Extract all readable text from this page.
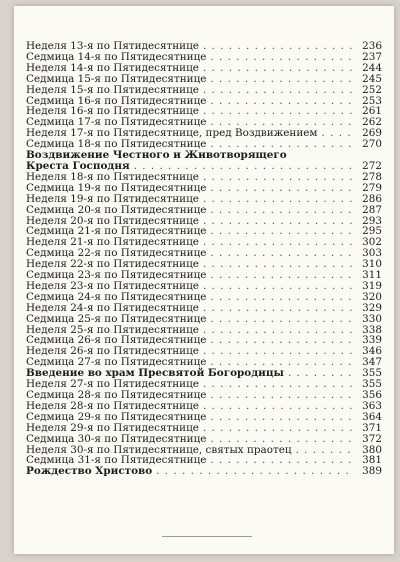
Неделя 13-я по Пятидесятнице . . .	236
Седмица 14-я по Пятидесятнице . . .	237
Неделя 14-я по Пятидесятнице . . .	244
Седмица 15-я по Пятидесятнице . . .	245
Неделя 15-я по Пятидесятнице . . .	252
Седмица 16-я по Пятидесятнице . . .	253
Неделя 16-я по Пятидесятнице . . .	261
Седмица 17-я по Пятидесятнице . . .	262
Неделя 17-я по Пятидесятнице, пред Воздвижением . . .	269
Седмица 18-я по Пятидесятнице . . .	270
Воздвижение Честного и Животворящего
Креста Господня . . .	272
Неделя 18-я по Пятидесятнице . . .	278
Седмица 19-я по Пятидесятнице . . .	279
Неделя 19-я по Пятидесятнице . . .	286
Седмица 20-я по Пятидесятнице . . .	287
Неделя 20-я по Пятидесятнице . . .	293
Седмица 21-я по Пятидесятнице . . .	295
Неделя 21-я по Пятидесятнице . . .	302
Седмица 22-я по Пятидесятнице . . .	303
Неделя 22-я по Пятидесятнице . . .	310
Седмица 23-я по Пятидесятнице . . .	311
Неделя 23-я по Пятидесятнице . . .	319
Седмица 24-я по Пятидесятнице . . .	320
Неделя 24-я по Пятидесятнице . . .	329
Седмица 25-я по Пятидесятнице . . .	330
Неделя 25-я по Пятидесятнице . . .	338
Седмица 26-я по Пятидесятнице . . .	339
Неделя 26-я по Пятидесятнице . . .	346
Седмица 27-я по Пятидесятнице . . .	347
Введение во храм Пресвятой Богородицы . . .	355
Неделя 27-я по Пятидесятнице . . .	355
Седмица 28-я по Пятидесятнице . . .	356
Неделя 28-я по Пятидесятнице . . .	363
Седмица 29-я по Пятидесятнице . . .	364
Неделя 29-я по Пятидесятнице . . .	371
Седмица 30-я по Пятидесятнице . . .	372
Неделя 30-я по Пятидесятнице, святых праотец . . .	380
Седмица 31-я по Пятидесятнице . . .	381
Рождество Христово . . .	389
